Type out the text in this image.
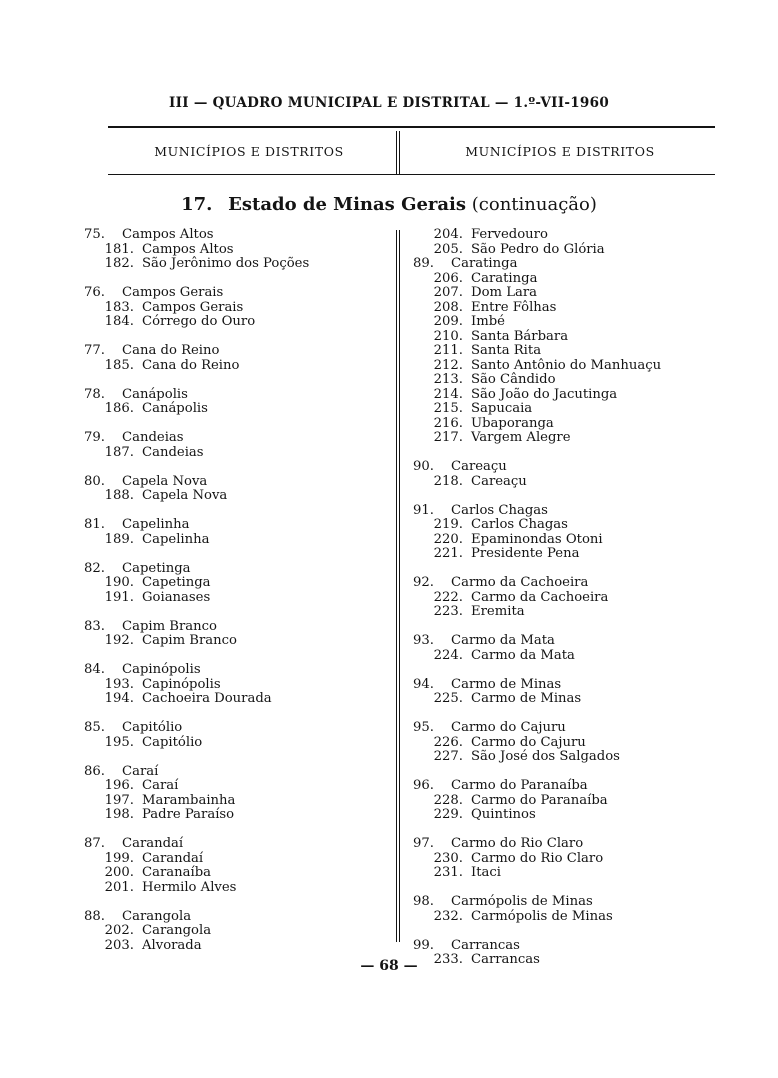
III — QUADRO MUNICIPAL E DISTRITAL — 1.º-VII-1960
MUNICÍPIOS E DISTRITOS	MUNICÍPIOS E DISTRITOS
17. Estado de Minas Gerais (continuação)
75. Campos Altos
181. Campos Altos
182. São Jerônimo dos Poções
76. Campos Gerais
183. Campos Gerais
184. Córrego do Ouro
77. Cana do Reino
185. Cana do Reino
78. Canápolis
186. Canápolis
79. Candeias
187. Candeias
80. Capela Nova
188. Capela Nova
81. Capelinha
189. Capelinha
82. Capetinga
190. Capetinga
191. Goianases
83. Capim Branco
192. Capim Branco
84. Capinópolis
193. Capinópolis
194. Cachoeira Dourada
85. Capitólio
195. Capitólio
86. Caraí
196. Caraí
197. Marambainha
198. Padre Paraíso
87. Carandaí
199. Carandaí
200. Caranaíba
201. Hermilo Alves
88. Carangola
202. Carangola
203. Alvorada
204. Fervedouro
205. São Pedro do Glória
89. Caratinga
206. Caratinga
207. Dom Lara
208. Entre Fôlhas
209. Imbé
210. Santa Bárbara
211. Santa Rita
212. Santo Antônio do Manhuaçu
213. São Cândido
214. São João do Jacutinga
215. Sapucaia
216. Ubaporanga
217. Vargem Alegre
90. Careaçu
218. Careaçu
91. Carlos Chagas
219. Carlos Chagas
220. Epaminondas Otoni
221. Presidente Pena
92. Carmo da Cachoeira
222. Carmo da Cachoeira
223. Eremita
93. Carmo da Mata
224. Carmo da Mata
94. Carmo de Minas
225. Carmo de Minas
95. Carmo do Cajuru
226. Carmo do Cajuru
227. São José dos Salgados
96. Carmo do Paranaíba
228. Carmo do Paranaíba
229. Quintinos
97. Carmo do Rio Claro
230. Carmo do Rio Claro
231. Itaci
98. Carmópolis de Minas
232. Carmópolis de Minas
99. Carrancas
233. Carrancas
— 68 —
